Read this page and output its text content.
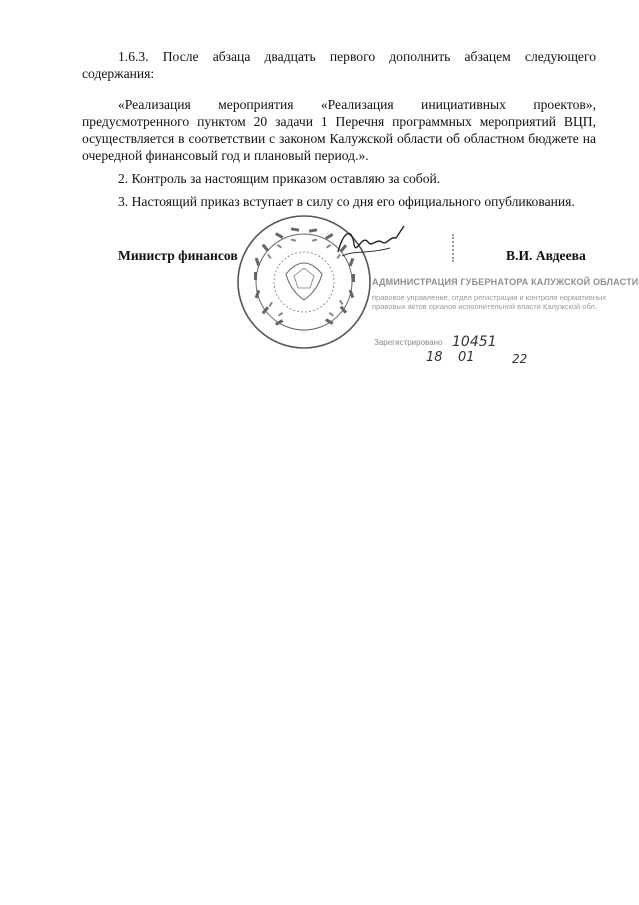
1.6.3. После абзаца двадцать первого дополнить абзацем следующего

содержания:

«Реализация мероприятия «Реализация инициативных проектов»,

предусмотренного пунктом 20 задачи 1 Перечня программных мероприятий ВЦП, осуществляется в соответствии с законом Калужской области об областном бюджете на очередной финансовый год и плановый период.».

2. Контроль за настоящим приказом оставляю за собой.

3. Настоящий приказ вступает в силу со дня его официального опубликования.

Министр финансов	В.И. Авдеева
АДМИНИСТРАЦИЯ ГУБЕРНАТОРА КАЛУЖСКОЙ ОБЛАСТИ
правовое управление, отдел регистрации и контроля нормативных
правовых актов органов исполнительной власти Калужской обл.
Зарегистрировано 10451
18 01	22
